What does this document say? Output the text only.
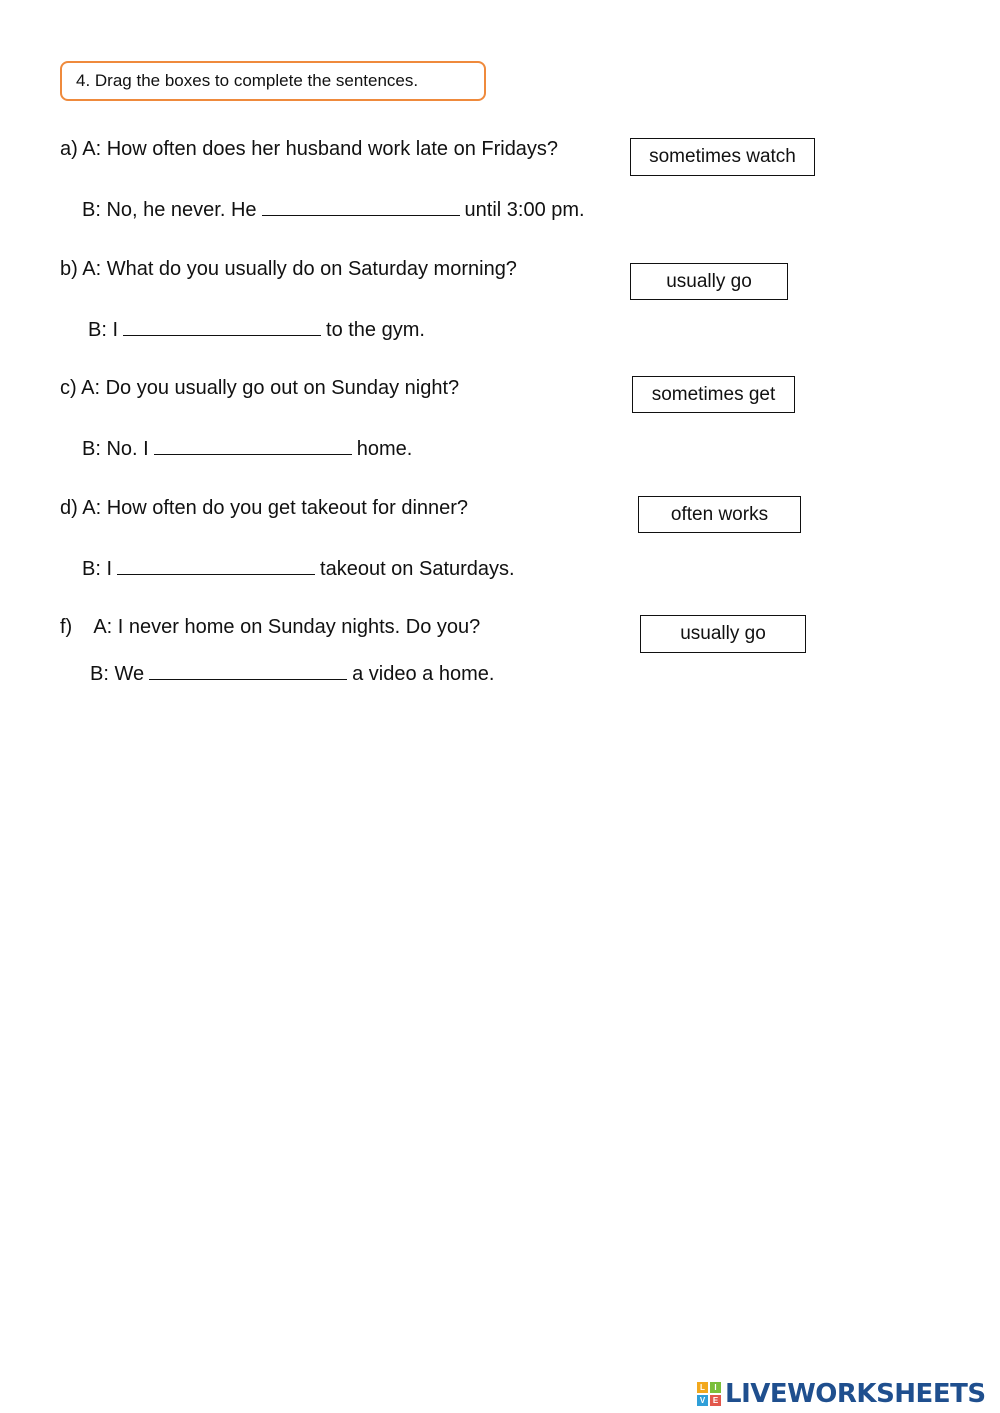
4. Drag the boxes to complete the sentences.
a) A: How often does her husband work late on Fridays?
B: No, he never. He	until 3:00 pm.
b) A: What do you usually do on Saturday morning?
B: I	to the gym.
c) A: Do you usually go out on Sunday night?
B: No. I	home.
d) A: How often do you get takeout for dinner?
B: I	takeout on Saturdays.
f)    A: I never home on Sunday nights. Do you?
B: We	a video a home.
sometimes watch
usually go
sometimes get
often works
usually go
L	I
V E LIVEWORKSHEETS
